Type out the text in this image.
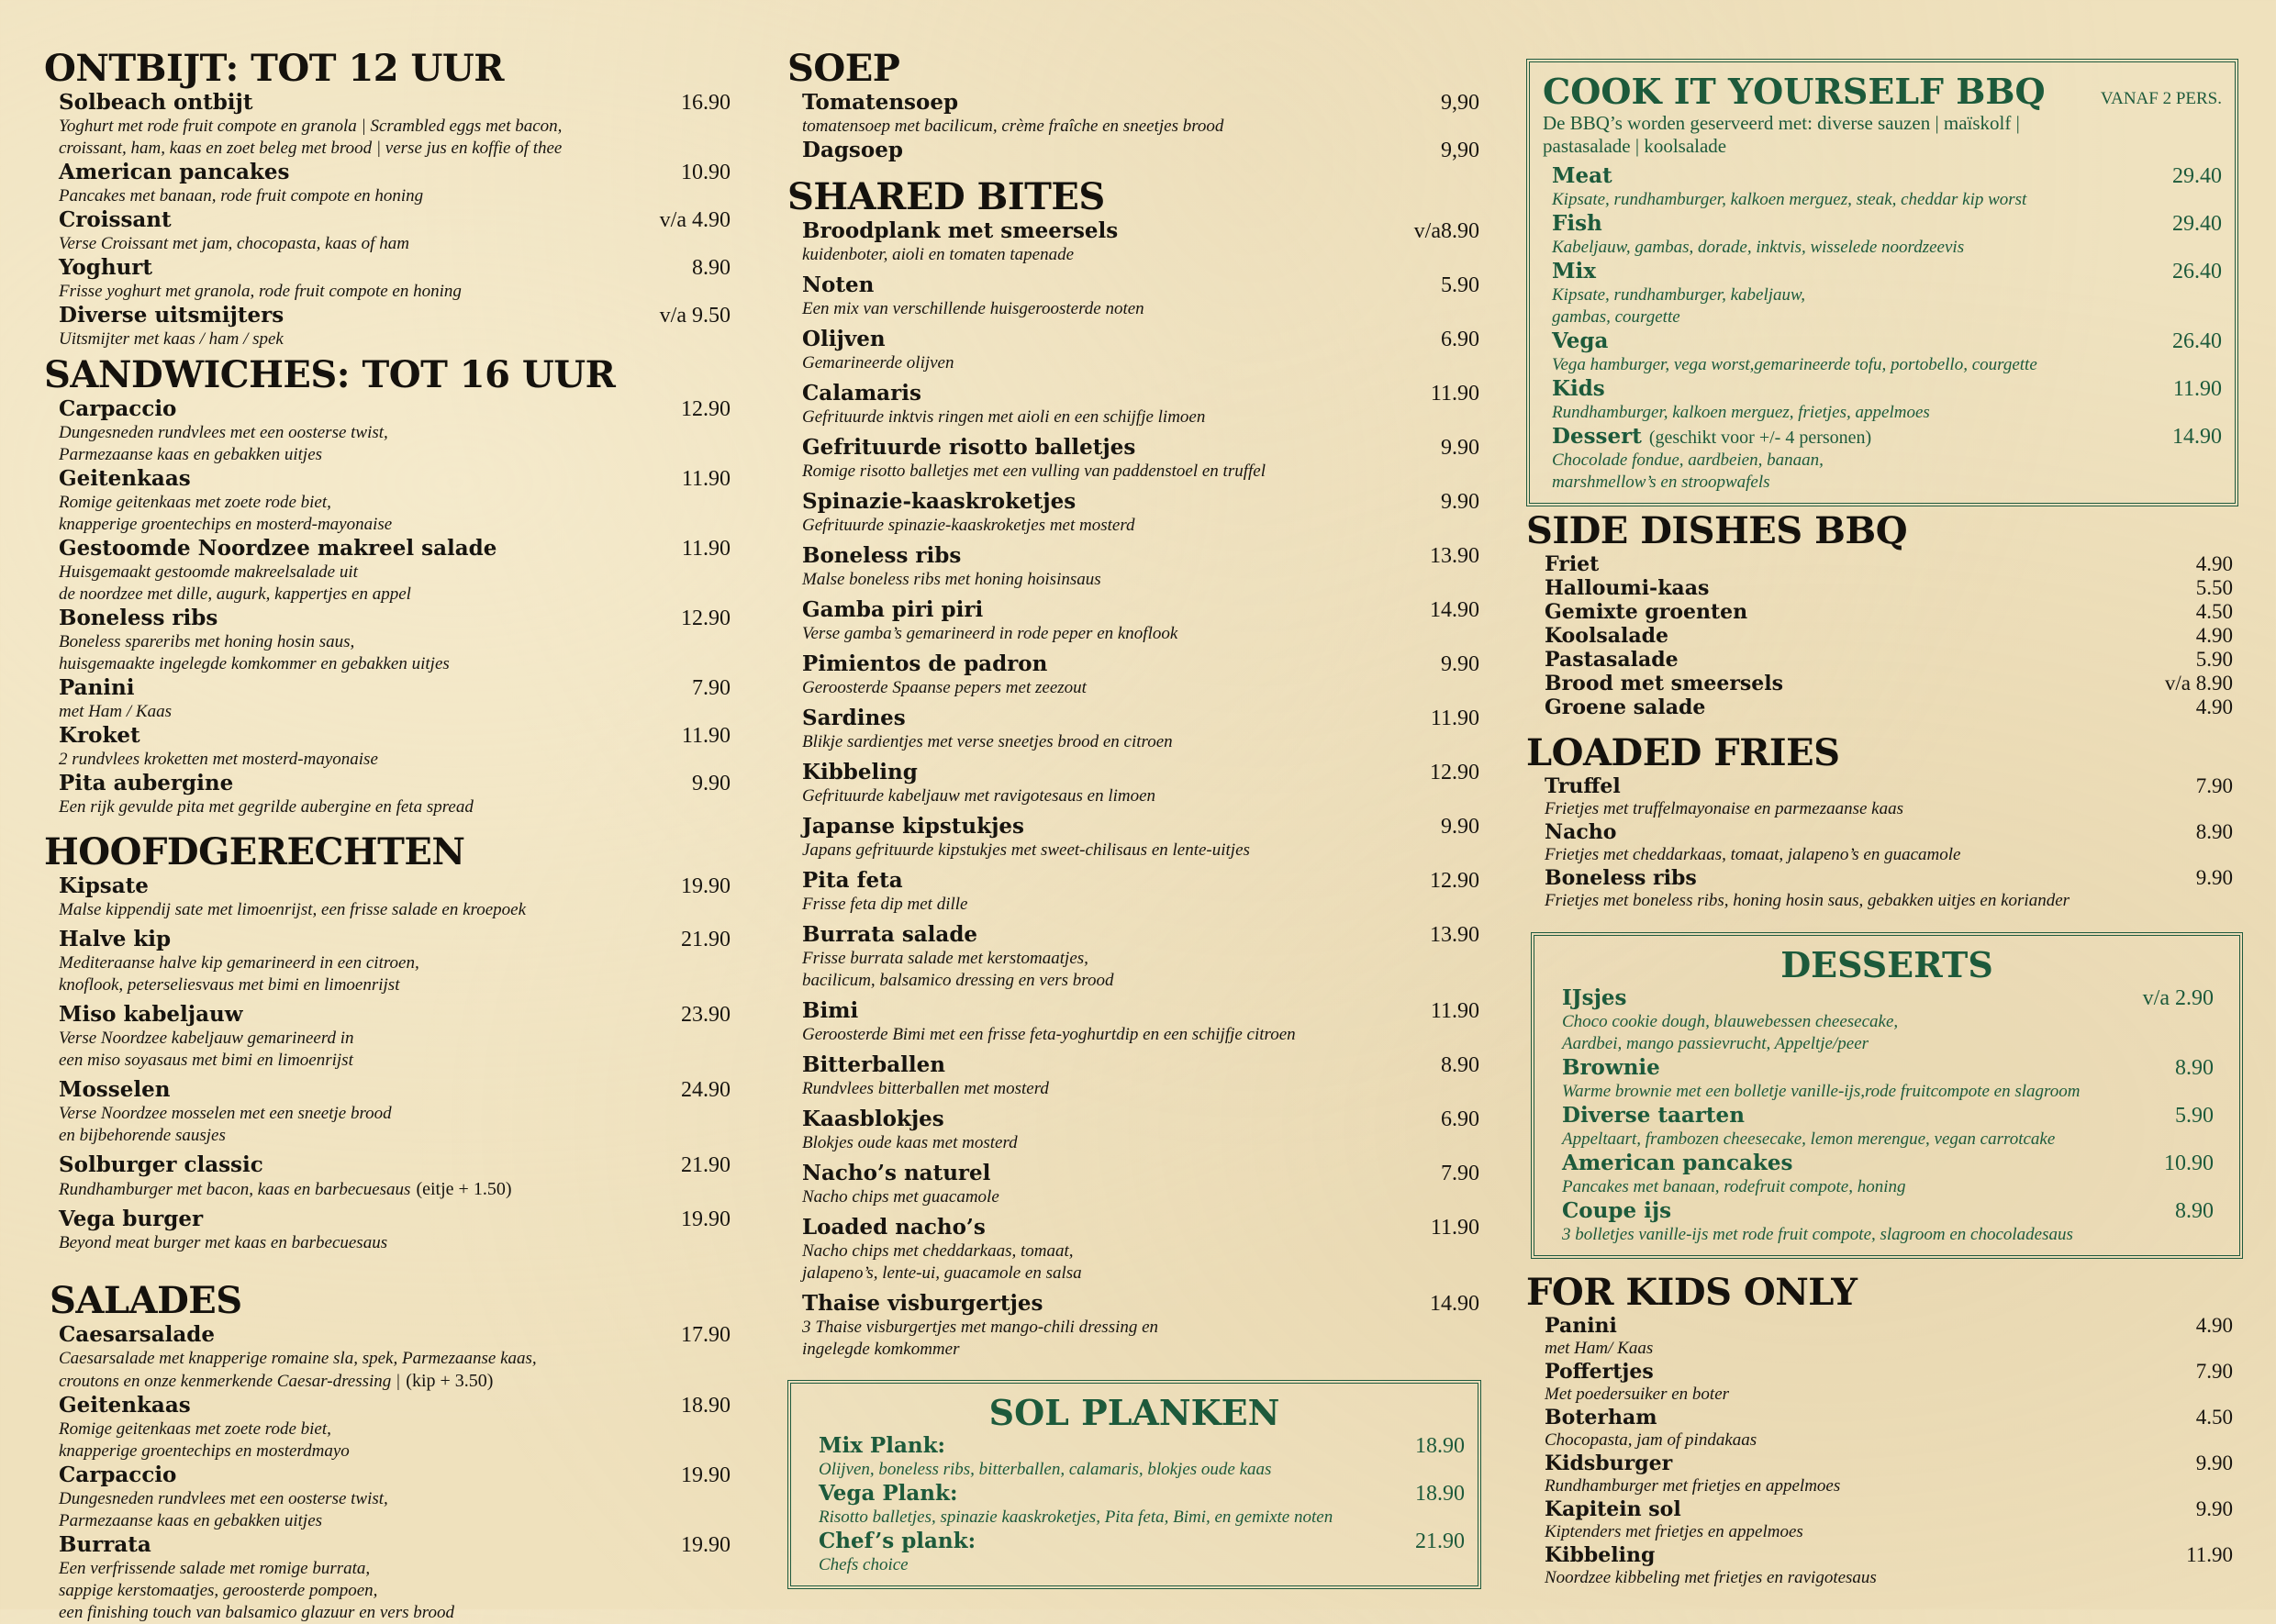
ONTBIJT: TOT 12 UUR
Solbeach ontbijt	16.90
Yoghurt met rode fruit compote en granola | Scrambled eggs met bacon,
croissant, ham, kaas en zoet beleg met brood | verse jus en koffie of thee
American pancakes	10.90
Pancakes met banaan, rode fruit compote en honing
Croissant	v/a 4.90
Verse Croissant met jam, chocopasta, kaas of ham
Yoghurt	8.90
Frisse yoghurt met granola, rode fruit compote en honing
Diverse uitsmijters	v/a 9.50
Uitsmijter met kaas / ham / spek
SANDWICHES: TOT 16 UUR
Carpaccio	12.90
Dungesneden rundvlees met een oosterse twist,
Parmezaanse kaas en gebakken uitjes
Geitenkaas	11.90
Romige geitenkaas met zoete rode biet,
knapperige groentechips en mosterd-mayonaise
Gestoomde Noordzee makreel salade	11.90
Huisgemaakt gestoomde makreelsalade uit
de noordzee met dille, augurk, kappertjes en appel
Boneless ribs	12.90
Boneless spareribs met honing hosin saus,
huisgemaakte ingelegde komkommer en gebakken uitjes
Panini	7.90
met Ham / Kaas
Kroket	11.90
2 rundvlees kroketten met mosterd-mayonaise
Pita aubergine	9.90
Een rijk gevulde pita met gegrilde aubergine en feta spread
HOOFDGERECHTEN
Kipsate	19.90
Malse kippendij sate met limoenrijst, een frisse salade en kroepoek
Halve kip	21.90
Mediteraanse halve kip gemarineerd in een citroen,
knoflook, peterseliesvaus met bimi en limoenrijst
Miso kabeljauw	23.90
Verse Noordzee kabeljauw gemarineerd in
een miso soyasaus met bimi en limoenrijst
Mosselen	24.90
Verse Noordzee mosselen met een sneetje brood
en bijbehorende sausjes
Solburger classic	21.90
Rundhamburger met bacon, kaas en barbecuesaus (eitje + 1.50)
Vega burger	19.90
Beyond meat burger met kaas en barbecuesaus
SALADES
Caesarsalade	17.90
Caesarsalade met knapperige romaine sla, spek, Parmezaanse kaas,
croutons en onze kenmerkende Caesar-dressing | (kip + 3.50)
Geitenkaas	18.90
Romige geitenkaas met zoete rode biet,
knapperige groentechips en mosterdmayo
Carpaccio	19.90
Dungesneden rundvlees met een oosterse twist,
Parmezaanse kaas en gebakken uitjes
Burrata	19.90
Een verfrissende salade met romige burrata,
sappige kerstomaatjes, geroosterde pompoen,
een finishing touch van balsamico glazuur en vers brood
SOEP
Tomatensoep	9,90
tomatensoep met bacilicum, crème fraîche en sneetjes brood
Dagsoep	9,90
SHARED BITES
Broodplank met smeersels	v/a8.90
kuidenboter, aioli en tomaten tapenade
Noten	5.90
Een mix van verschillende huisgeroosterde noten
Olijven	6.90
Gemarineerde olijven
Calamaris	11.90
Gefrituurde inktvis ringen met aioli en een schijfje limoen
Gefrituurde risotto balletjes	9.90
Romige risotto balletjes met een vulling van paddenstoel en truffel
Spinazie-kaaskroketjes	9.90
Gefrituurde spinazie-kaaskroketjes met mosterd
Boneless ribs	13.90
Malse boneless ribs met honing hoisinsaus
Gamba piri piri	14.90
Verse gamba’s gemarineerd in rode peper en knoflook
Pimientos de padron	9.90
Geroosterde Spaanse pepers met zeezout
Sardines	11.90
Blikje sardientjes met verse sneetjes brood en citroen
Kibbeling	12.90
Gefrituurde kabeljauw met ravigotesaus en limoen
Japanse kipstukjes	9.90
Japans gefrituurde kipstukjes met sweet-chilisaus en lente-uitjes
Pita feta	12.90
Frisse feta dip met dille
Burrata salade	13.90
Frisse burrata salade met kerstomaatjes,
bacilicum, balsamico dressing en vers brood
Bimi	11.90
Geroosterde Bimi met een frisse feta-yoghurtdip en een schijfje citroen
Bitterballen	8.90
Rundvlees bitterballen met mosterd
Kaasblokjes	6.90
Blokjes oude kaas met mosterd
Nacho’s naturel	7.90
Nacho chips met guacamole
Loaded nacho’s	11.90
Nacho chips met cheddarkaas, tomaat,
jalapeno’s, lente-ui, guacamole en salsa
Thaise visburgertjes	14.90
3 Thaise visburgertjes met mango-chili dressing en
ingelegde komkommer
SOL PLANKEN
Mix Plank:	18.90
Olijven, boneless ribs, bitterballen, calamaris, blokjes oude kaas
Vega Plank:	18.90
Risotto balletjes, spinazie kaaskroketjes, Pita feta, Bimi, en gemixte noten
Chef’s plank:	21.90
Chefs choice
COOK IT YOURSELF BBQ	VANAF 2 PERS.
De BBQ’s worden geserveerd met: diverse sauzen | maïskolf |
pastasalade | koolsalade
Meat	29.40
Kipsate, rundhamburger, kalkoen merguez, steak, cheddar kip worst
Fish	29.40
Kabeljauw, gambas, dorade, inktvis, wisselede noordzeevis
Mix	26.40
Kipsate, rundhamburger, kabeljauw,
gambas, courgette
Vega	26.40
Vega hamburger, vega worst,gemarineerde tofu, portobello, courgette
Kids	11.90
Rundhamburger, kalkoen merguez, frietjes, appelmoes
Dessert (geschikt voor +/- 4 personen)	14.90
Chocolade fondue, aardbeien, banaan,
marshmellow’s en stroopwafels
SIDE DISHES BBQ
Friet	4.90
Halloumi-kaas	5.50
Gemixte groenten	4.50
Koolsalade	4.90
Pastasalade	5.90
Brood met smeersels	v/a 8.90
Groene salade	4.90
LOADED FRIES
Truffel	7.90
Frietjes met truffelmayonaise en parmezaanse kaas
Nacho	8.90
Frietjes met cheddarkaas, tomaat, jalapeno’s en guacamole
Boneless ribs	9.90
Frietjes met boneless ribs, honing hosin saus, gebakken uitjes en koriander
DESSERTS
IJsjes	v/a 2.90
Choco cookie dough, blauwebessen cheesecake,
Aardbei, mango passievrucht, Appeltje/peer
Brownie	8.90
Warme brownie met een bolletje vanille-ijs,rode fruitcompote en slagroom
Diverse taarten	5.90
Appeltaart, frambozen cheesecake, lemon merengue, vegan carrotcake
American pancakes	10.90
Pancakes met banaan, rodefruit compote, honing
Coupe ijs	8.90
3 bolletjes vanille-ijs met rode fruit compote, slagroom en chocoladesaus
FOR KIDS ONLY
Panini	4.90
met Ham/ Kaas
Poffertjes	7.90
Met poedersuiker en boter
Boterham	4.50
Chocopasta, jam of pindakaas
Kidsburger	9.90
Rundhamburger met frietjes en appelmoes
Kapitein sol	9.90
Kiptenders met frietjes en appelmoes
Kibbeling	11.90
Noordzee kibbeling met frietjes en ravigotesaus
